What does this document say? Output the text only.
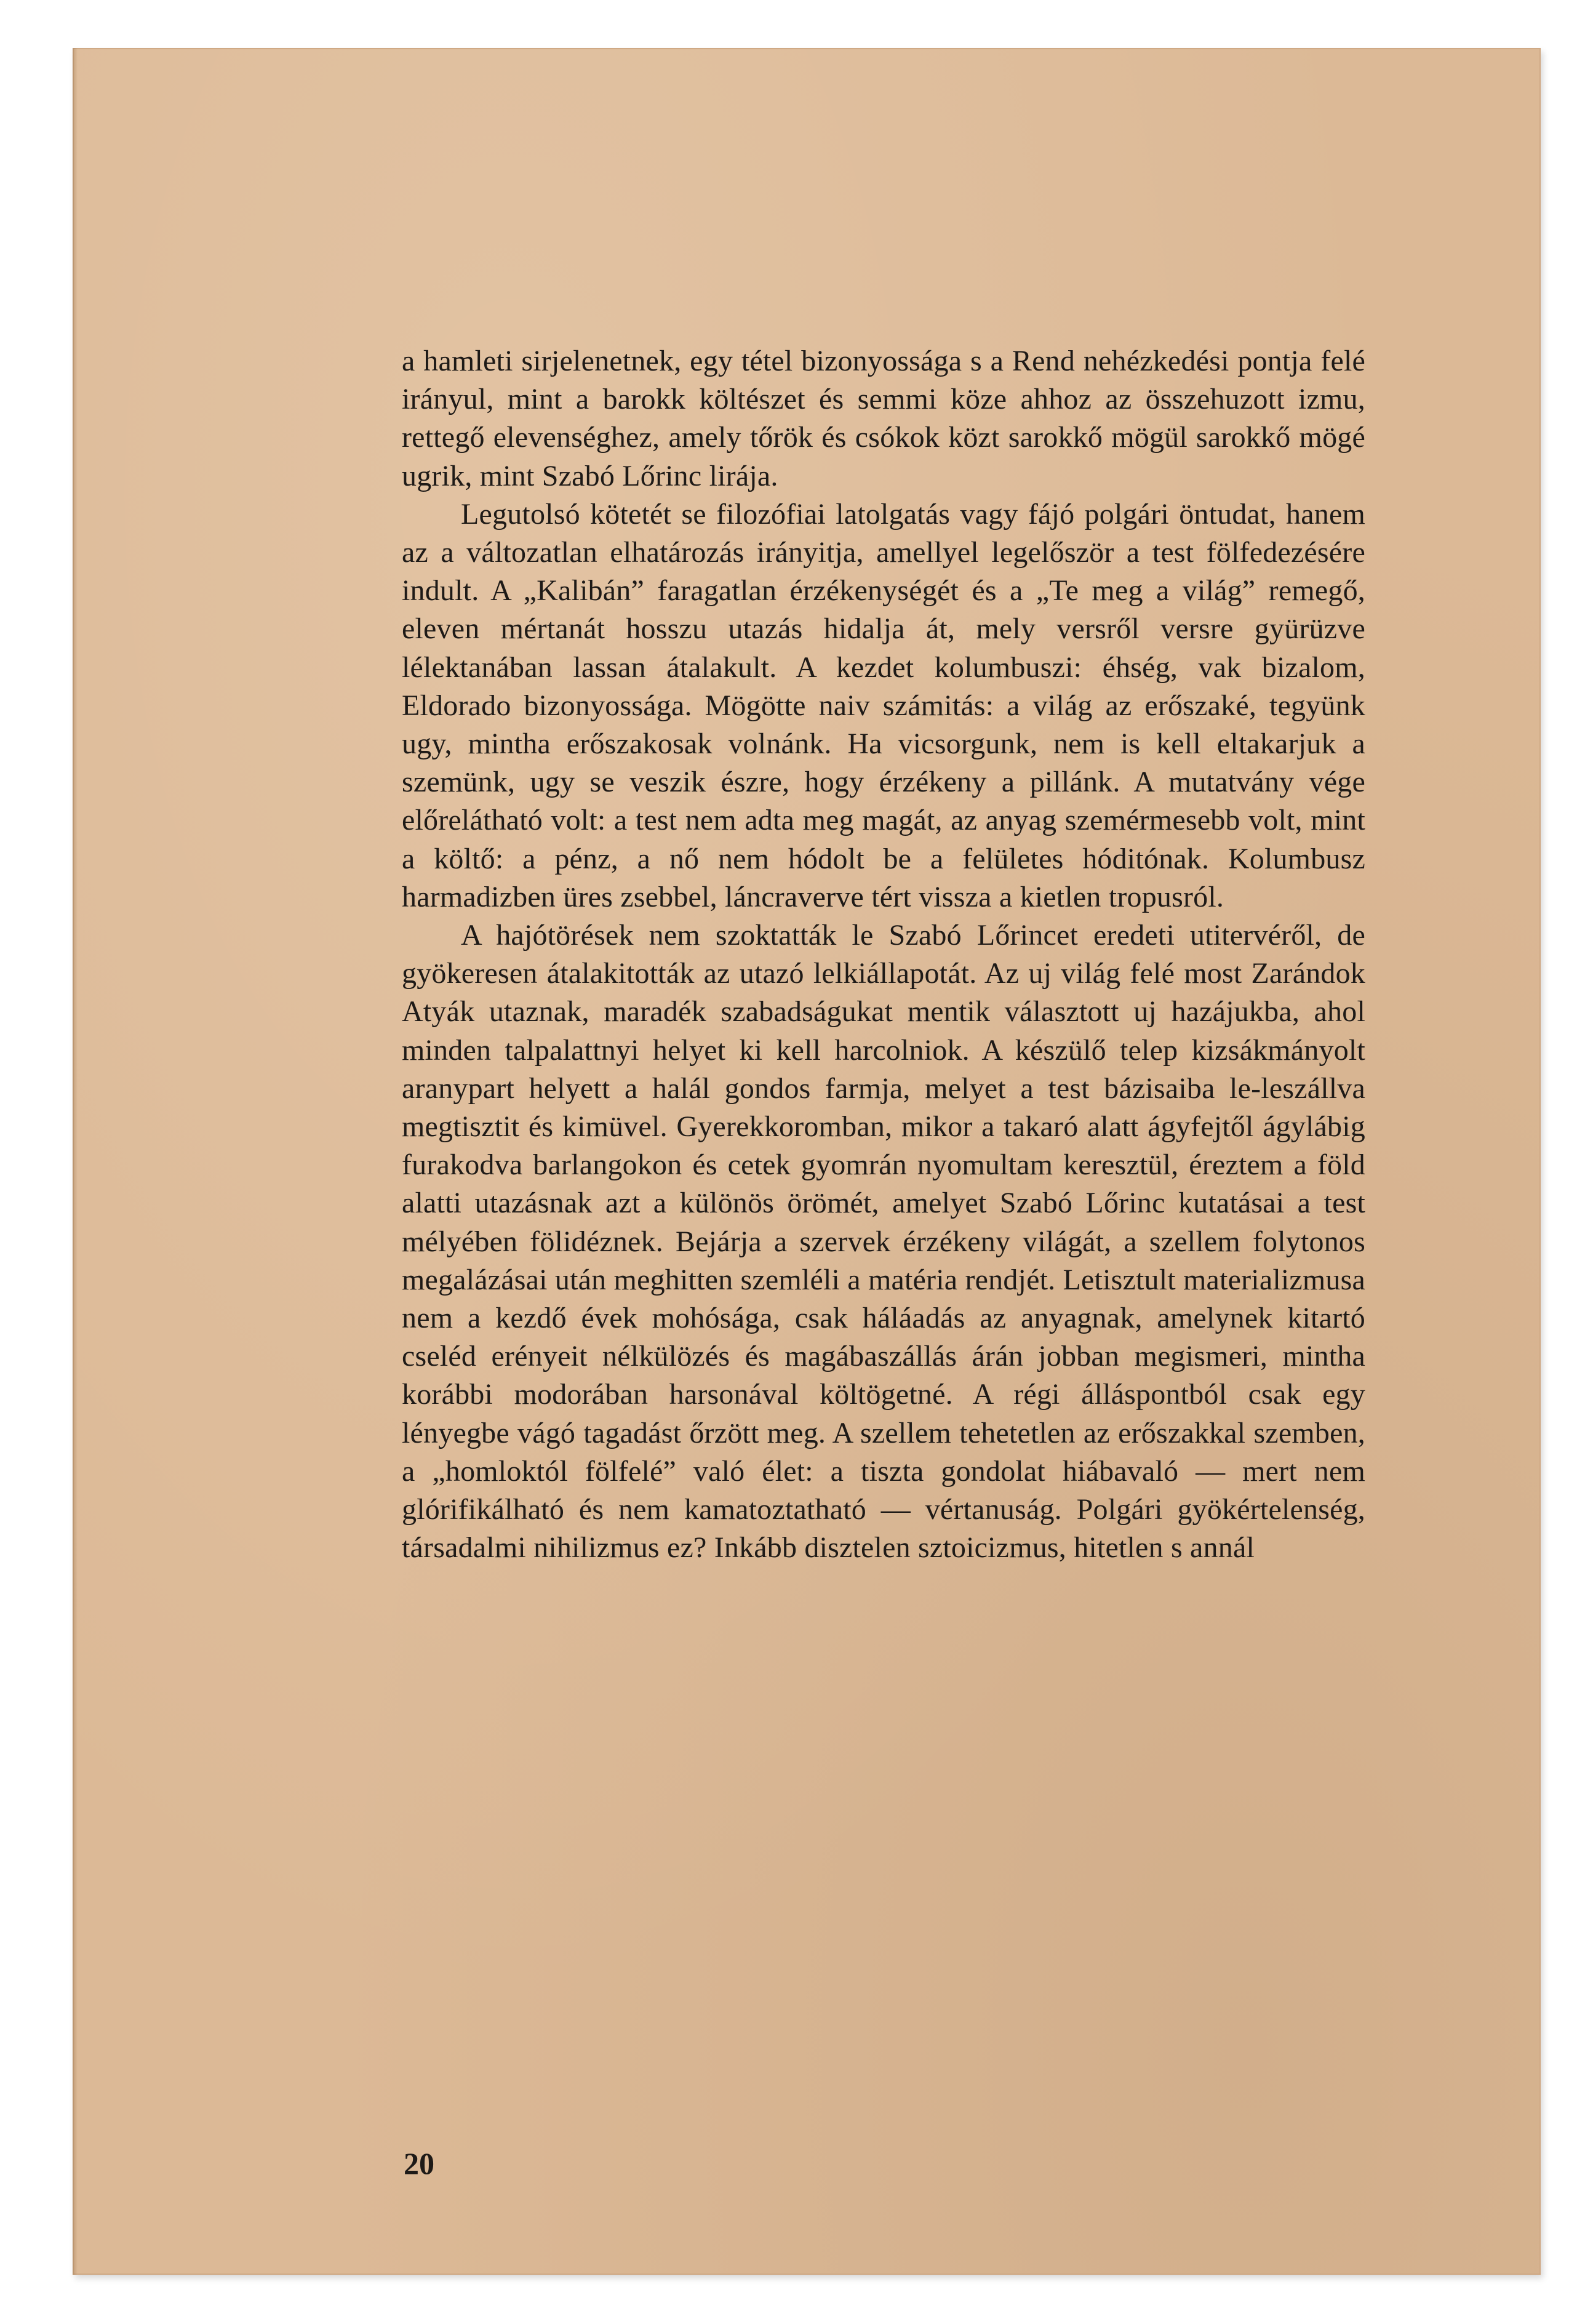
a hamleti sirjelenetnek, egy tétel bizonyossága s a Rend nehézkedési pontja felé irányul, mint a barokk költészet és semmi köze ahhoz az összehuzott izmu, rettegő elevenséghez, amely tőrök és csókok közt sarokkő mögül sarokkő mögé ugrik, mint Szabó Lőrinc lirája.

Legutolsó kötetét se filozófiai latolgatás vagy fájó polgári öntudat, hanem az a változatlan elhatározás irányitja, amellyel legelőször a test fölfedezésére indult. A „Kalibán” faragatlan érzékenységét és a „Te meg a világ” remegő, eleven mértanát hosszu utazás hidalja át, mely versről versre gyürüzve lélektanában lassan átalakult. A kezdet kolumbuszi: éhség, vak bizalom, Eldorado bizonyossága. Mögötte naiv számitás: a világ az erőszaké, tegyünk ugy, mintha erőszakosak volnánk. Ha vicsorgunk, nem is kell eltakarjuk a szemünk, ugy se veszik észre, hogy érzékeny a pillánk. A mutatvány vége előrelátható volt: a test nem adta meg magát, az anyag szemérmesebb volt, mint a költő: a pénz, a nő nem hódolt be a felületes hóditónak. Kolumbusz harmadizben üres zsebbel, láncraverve tért vissza a kietlen tropusról.

A hajótörések nem szoktatták le Szabó Lőrincet eredeti utitervéről, de gyökeresen átalakitották az utazó lelkiállapotát. Az uj világ felé most Zarándok Atyák utaznak, maradék szabadságukat mentik választott uj hazájukba, ahol minden talpalattnyi helyet ki kell harcolniok. A készülő telep kizsákmányolt aranypart helyett a halál gondos farmja, melyet a test bázisaiba le-leszállva megtisztit és kimüvel. Gyerekkoromban, mikor a takaró alatt ágyfejtől ágylábig furakodva barlangokon és cetek gyomrán nyomultam keresztül, éreztem a föld alatti utazásnak azt a különös örömét, amelyet Szabó Lőrinc kutatásai a test mélyében fölidéznek. Bejárja a szervek érzékeny világát, a szellem folytonos megalázásai után meghitten szemléli a matéria rendjét. Letisztult materializmusa nem a kezdő évek mohósága, csak háláadás az anyagnak, amelynek kitartó cseléd erényeit nélkülözés és magábaszállás árán jobban megismeri, mintha korábbi modorában harsonával költögetné. A régi álláspontból csak egy lényegbe vágó tagadást őrzött meg. A szellem tehetetlen az erőszakkal szemben, a „homloktól fölfelé” való élet: a tiszta gondolat hiábavaló — mert nem glórifikálható és nem kamatoztatható — vértanuság. Polgári gyökértelenség, társadalmi nihilizmus ez? Inkább disztelen sztoicizmus, hitetlen s annál

20
